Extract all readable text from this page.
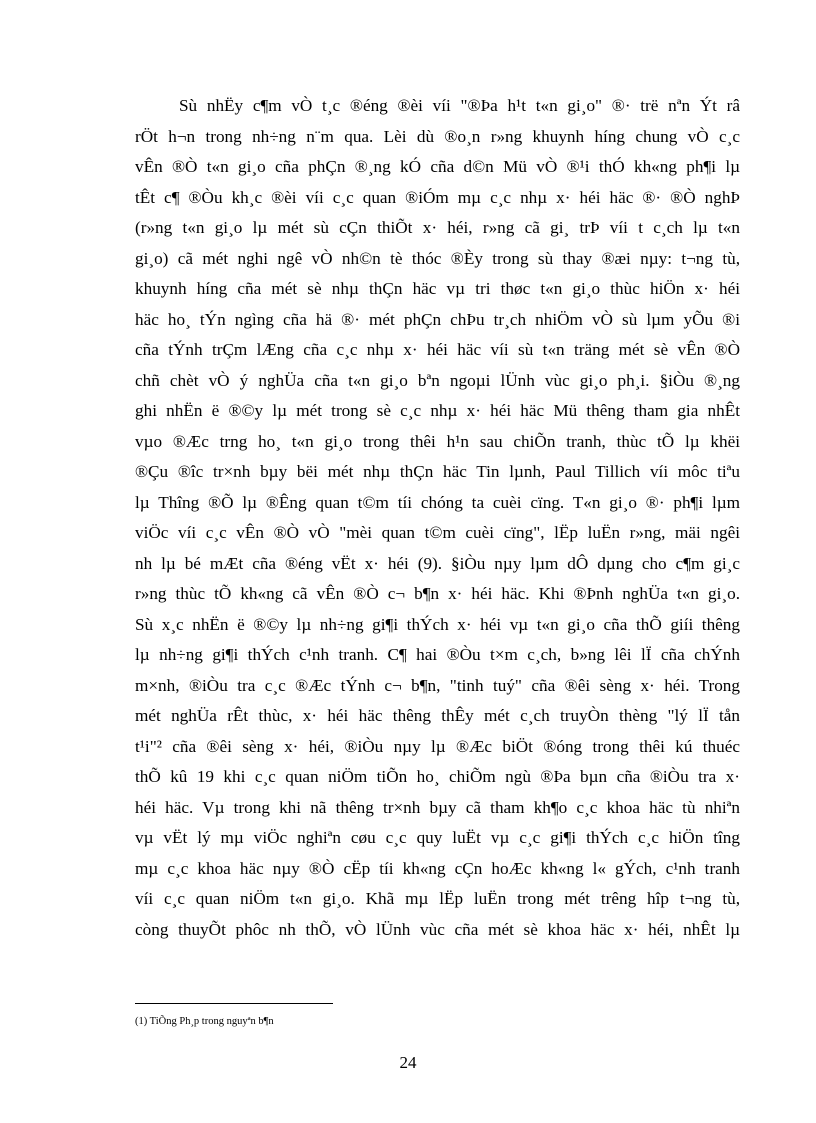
Sù nhËy c¶m vÒ t¸c ®éng ®èi víi "®Þa h¹t t«n gi¸o" ®· trë nªn Ýt râ
rÖt h¬n trong nh÷ng n¨m qua. Lèi dù ®o¸n r»ng khuynh híng chung vÒ c¸c
vÊn ®Ò t«n gi¸o cña phÇn ®¸ng kÓ cña d©n Mü vÒ ®¹i thÓ kh«ng ph¶i lµ
tÊt c¶ ®Òu kh¸c ®èi víi c¸c quan ®iÓm mµ c¸c nhµ x· héi häc ®· ®Ò nghÞ
(r»ng t«n gi¸o lµ mét sù cÇn thiÕt x· héi, r»ng cã gi¸ trÞ víi t c¸ch lµ t«n
gi¸o) cã mét nghi ngê vÒ nh©n tè thóc ®Èy trong sù thay ®æi nµy: t¬ng tù,
khuynh híng cña mét sè nhµ thÇn häc vµ tri thøc t«n gi¸o thùc hiÖn x· héi
häc ho¸ tÝn ngìng cña hä ®· mét phÇn chÞu tr¸ch nhiÖm vÒ sù lµm yÕu ®i
cña tÝnh trÇm lÆng cña c¸c nhµ x· héi häc víi sù t«n träng mét sè vÊn ®Ò
chñ chèt vÒ ý nghÜa cña t«n gi¸o bªn ngoµi lÜnh vùc gi¸o ph¸i. §iÒu ®¸ng
ghi nhËn ë ®©y lµ mét trong sè c¸c nhµ x· héi häc Mü thêng tham gia nhÊt
vµo ®Æc trng ho¸ t«n gi¸o trong thêi h¹n sau chiÕn tranh, thùc tÕ lµ khëi
®Çu ®îc tr×nh bµy bëi mét nhµ thÇn häc Tin lµnh, Paul Tillich víi môc tiªu
lµ Thîng ®Õ lµ ®Êng quan t©m tíi chóng ta cuèi cïng. T«n gi¸o ®· ph¶i lµm
viÖc víi c¸c vÊn ®Ò vÒ "mèi quan t©m cuèi cïng", lËp luËn r»ng, mäi ngêi
nh lµ bé mÆt cña ®éng vËt x· héi (9). §iÒu nµy lµm dÔ dµng cho c¶m gi¸c
r»ng thùc tÕ kh«ng cã vÊn ®Ò c¬ b¶n x· héi häc. Khi ®Þnh nghÜa t«n gi¸o.
Sù x¸c nhËn ë ®©y lµ nh÷ng gi¶i thÝch x· héi vµ t«n gi¸o cña thÕ giíi thêng
lµ nh÷ng gi¶i thÝch c¹nh tranh. C¶ hai ®Òu t×m c¸ch, b»ng lêi lÏ cña chÝnh
m×nh, ®iÒu tra c¸c ®Æc tÝnh c¬ b¶n, "tinh tuý" cña ®êi sèng x· héi. Trong
mét nghÜa rÊt thùc, x· héi häc thêng thÊy mét c¸ch truyÒn thèng "lý lÏ tån
t¹i"² cña ®êi sèng x· héi, ®iÒu nµy lµ ®Æc biÖt ®óng trong thêi kú thuéc
thÕ kû 19 khi c¸c quan niÖm tiÕn ho¸ chiÕm ngù ®Þa bµn cña ®iÒu tra x·
héi häc. Vµ trong khi nã thêng tr×nh bµy cã tham kh¶o c¸c khoa häc tù nhiªn
vµ vËt lý mµ viÖc nghiªn cøu c¸c quy luËt vµ c¸c gi¶i thÝch c¸c hiÖn tîng
mµ c¸c khoa häc nµy ®Ò cËp tíi kh«ng cÇn hoÆc kh«ng l« gÝch, c¹nh tranh
víi c¸c quan niÖm t«n gi¸o. Khã mµ lËp luËn trong mét trêng hîp t¬ng tù,
còng thuyÕt phôc nh thÕ, vÒ lÜnh vùc cña mét sè khoa häc x· héi, nhÊt lµ
(1) TiÕng Ph¸p trong nguyªn b¶n
24
